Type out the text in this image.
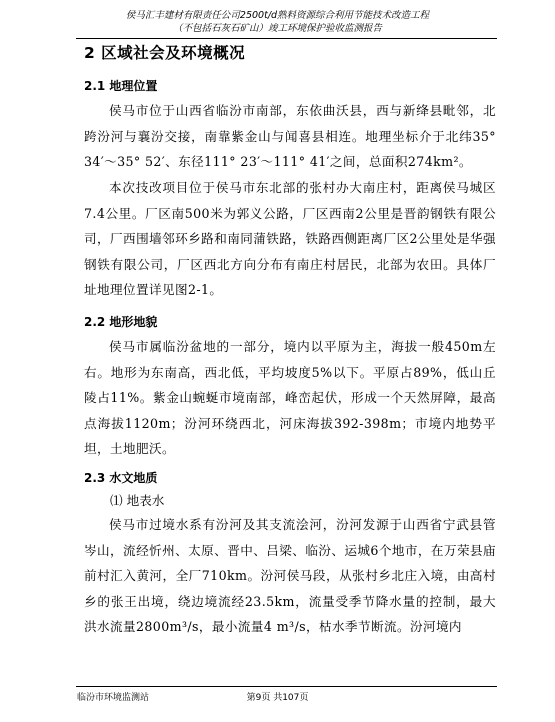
侯马汇丰建材有限责任公司2500t/d熟料资源综合利用节能技术改造工程
（不包括石灰石矿山）竣工环境保护验收监测报告
2 区域社会及环境概况
2.1 地理位置
侯马市位于山西省临汾市南部，东依曲沃县，西与新绛县毗邻，北跨汾河与襄汾交接，南靠紫金山与闻喜县相连。地理坐标介于北纬35° 34′～35° 52′、东径111° 23′～111° 41′之间，总面积274km²。
本次技改项目位于侯马市东北部的张村办大南庄村，距离侯马城区7.4公里。厂区南500米为郭义公路，厂区西南2公里是晋韵钢铁有限公司，厂西围墙邻环乡路和南同蒲铁路，铁路西侧距离厂区2公里处是华强钢铁有限公司，厂区西北方向分布有南庄村居民，北部为农田。具体厂址地理位置详见图2-1。
2.2 地形地貌
侯马市属临汾盆地的一部分，境内以平原为主，海拔一般450m左右。地形为东南高，西北低，平均坡度5%以下。平原占89%，低山丘陵占11%。紫金山蜿蜒市境南部，峰峦起伏，形成一个天然屏障，最高点海拔1120m；汾河环绕西北，河床海拔392-398m；市境内地势平坦，土地肥沃。
2.3 水文地质
⑴ 地表水
侯马市过境水系有汾河及其支流浍河，汾河发源于山西省宁武县管岑山，流经忻州、太原、晋中、吕梁、临汾、运城6个地市，在万荣县庙前村汇入黄河，全厂710km。汾河侯马段，从张村乡北庄入境，由高村乡的张王出境，绕边境流经23.5km，流量受季节降水量的控制，最大洪水流量2800m³/s，最小流量4 m³/s，枯水季节断流。汾河境内
临汾市环境监测站	第9页 共107页
